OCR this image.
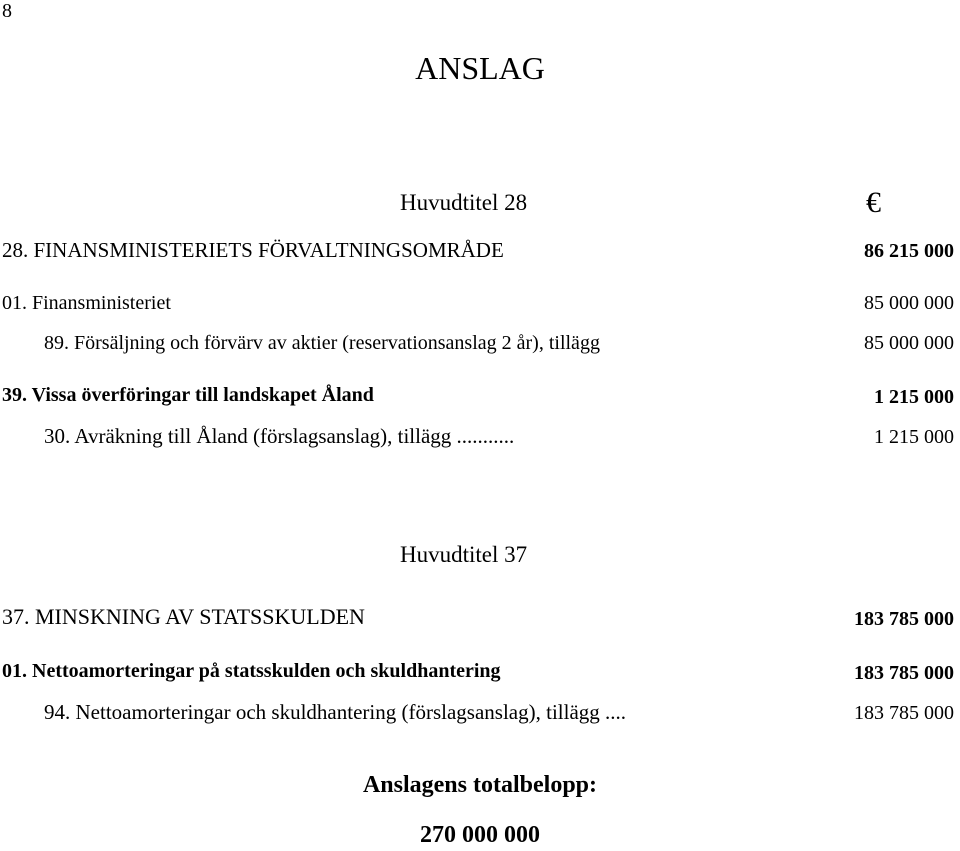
8
ANSLAG
Huvudtitel 28	€
28. FINANSMINISTERIETS FÖRVALTNINGSOMRÅDE	86 215 000
01. Finansministeriet	85 000 000
89. Försäljning och förvärv av aktier (reservationsanslag 2 år), tillägg	85 000 000
39. Vissa överföringar till landskapet Åland	1 215 000
30. Avräkning till Åland (förslagsanslag), tillägg ...........	1 215 000
Huvudtitel 37
37. MINSKNING AV STATSSKULDEN	183 785 000
01. Nettoamorteringar på statsskulden och skuldhantering	183 785 000
94. Nettoamorteringar och skuldhantering (förslagsanslag), tillägg ....	183 785 000
Anslagens totalbelopp:
270 000 000
